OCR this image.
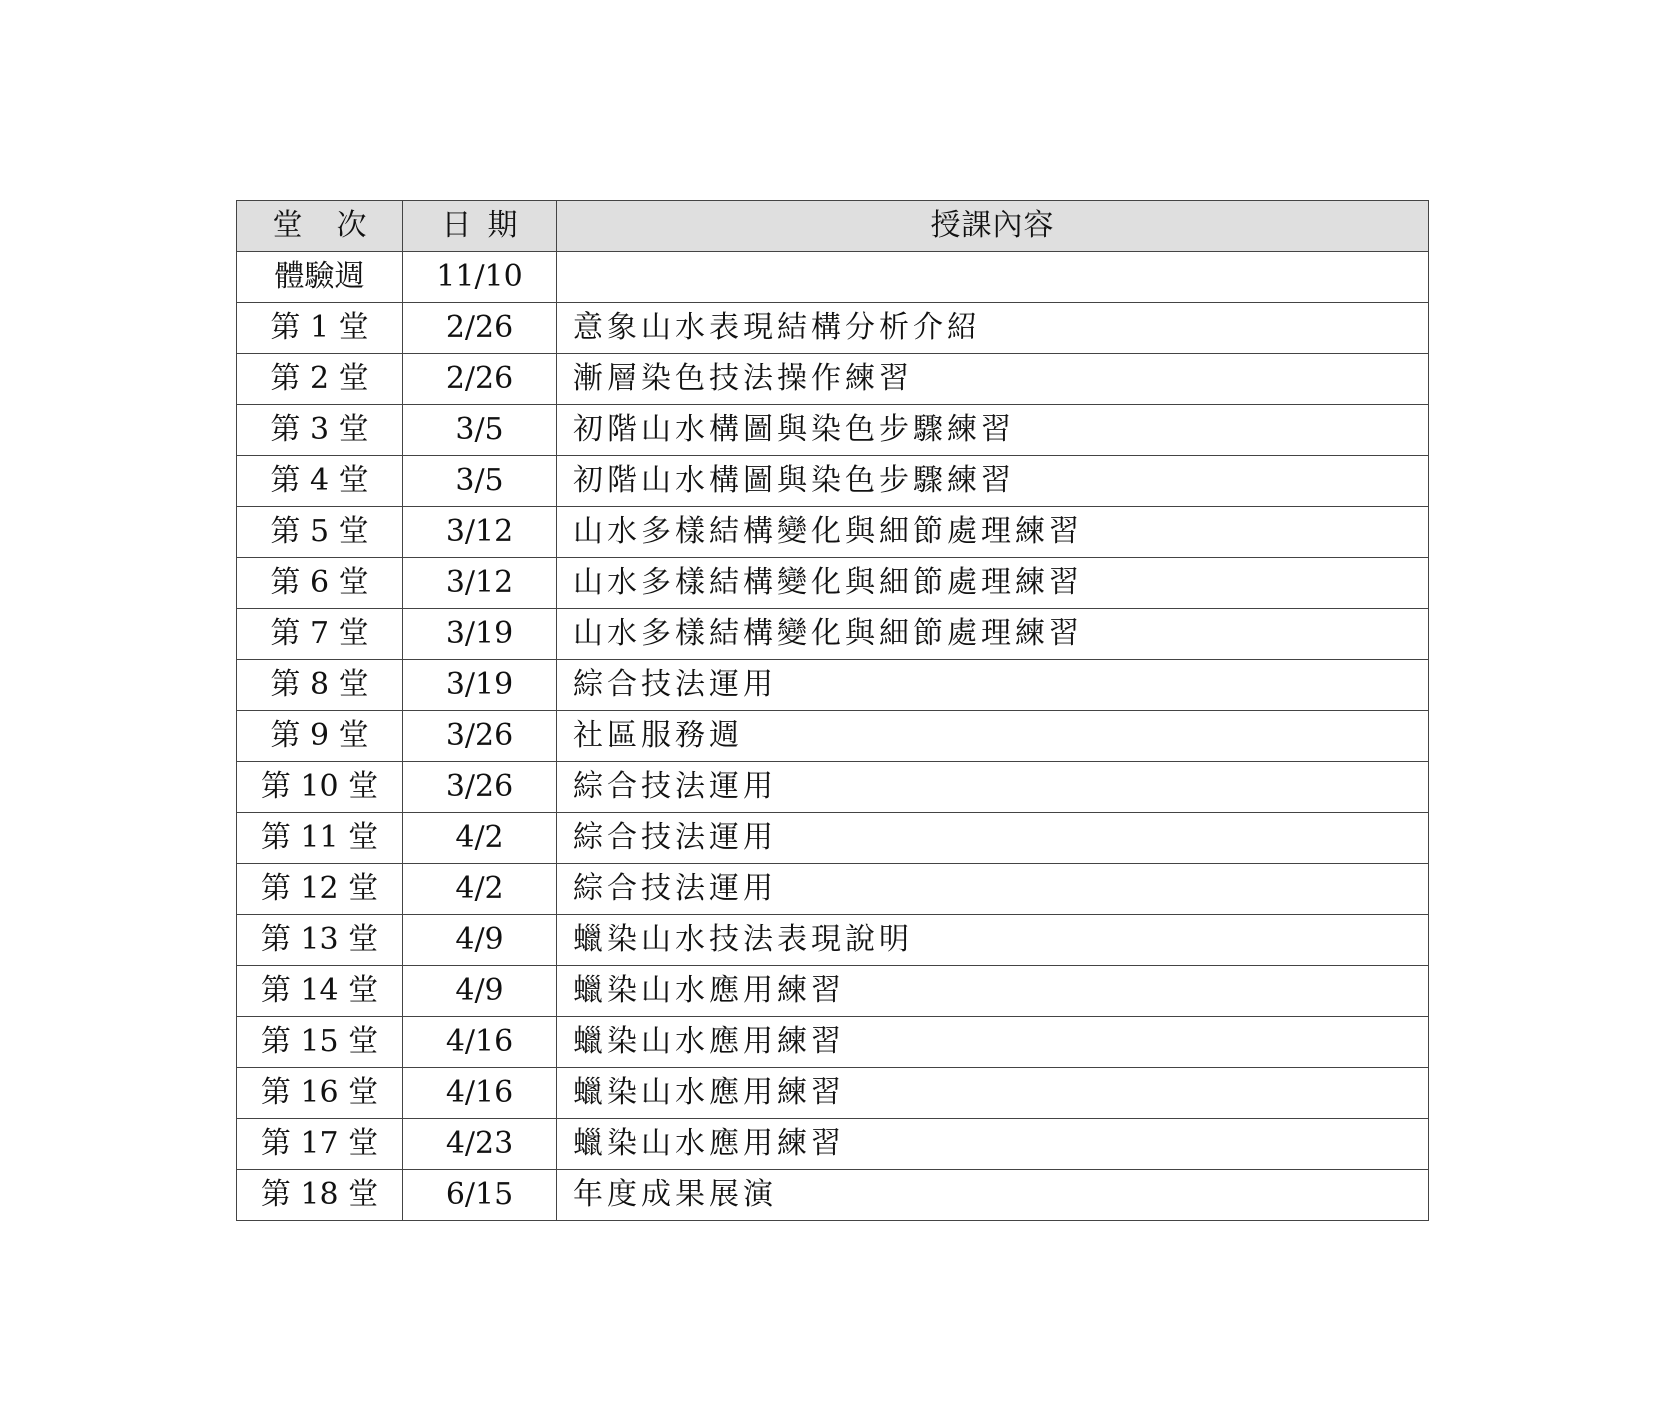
堂次	日期	授課內容
體驗週	11/10	
第 1 堂	2/26	意象山水表現結構分析介紹
第 2 堂	2/26	漸層染色技法操作練習
第 3 堂	3/5	初階山水構圖與染色步驟練習
第 4 堂	3/5	初階山水構圖與染色步驟練習
第 5 堂	3/12	山水多樣結構變化與細節處理練習
第 6 堂	3/12	山水多樣結構變化與細節處理練習
第 7 堂	3/19	山水多樣結構變化與細節處理練習
第 8 堂	3/19	綜合技法運用
第 9 堂	3/26	社區服務週
第 10 堂	3/26	綜合技法運用
第 11 堂	4/2	綜合技法運用
第 12 堂	4/2	綜合技法運用
第 13 堂	4/9	蠟染山水技法表現說明
第 14 堂	4/9	蠟染山水應用練習
第 15 堂	4/16	蠟染山水應用練習
第 16 堂	4/16	蠟染山水應用練習
第 17 堂	4/23	蠟染山水應用練習
第 18 堂	6/15	年度成果展演
